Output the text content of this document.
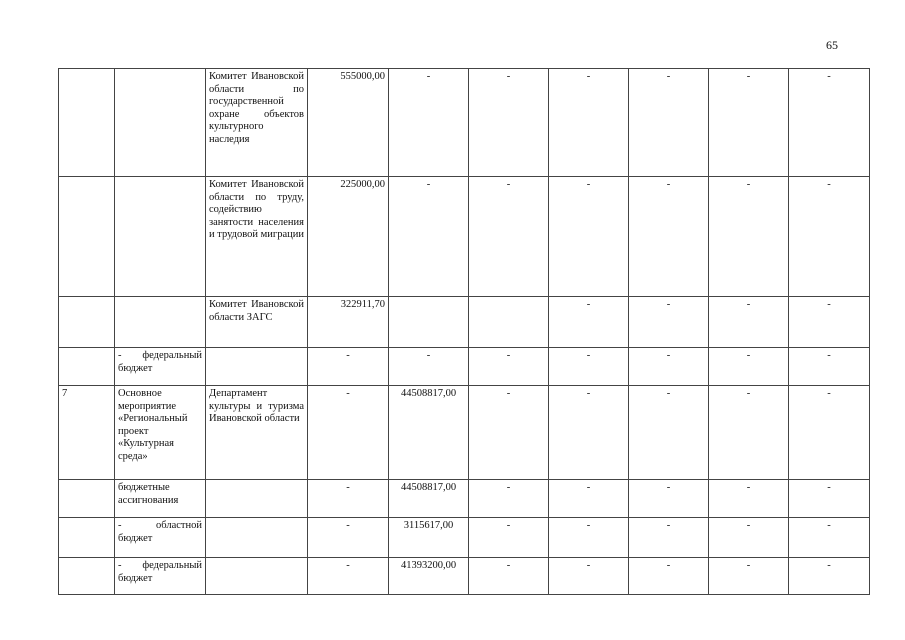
65
		Комитет Ивановской области по государственной охране объектов культурного наследия	555000,00	-	-	-	-	-	-
		Комитет Ивановской области по труду, содействию занятости населения и трудовой миграции	225000,00	-	-	-	-	-	-
		Комитет Ивановской области ЗАГС	322911,70			-	-	-	-
	- федеральный бюджет		-	-	-	-	-	-	-
7	Основное мероприятие «Региональный проект «Культурная среда»	Департамент культуры и туризма Ивановской области	-	44508817,00	-	-	-	-	-
	бюджетные ассигнования		-	44508817,00	-	-	-	-	-
	- областной бюджет		-	3115617,00	-	-	-	-	-
	- федеральный бюджет		-	41393200,00	-	-	-	-	-
